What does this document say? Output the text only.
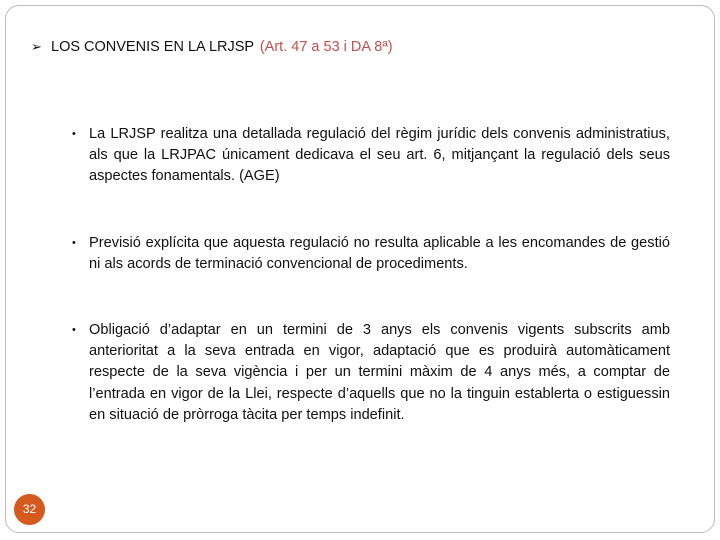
➢ LOS CONVENIS EN LA LRJSP (Art. 47 a 53 i DA 8ª)
• La LRJSP realitza una detallada regulació del règim jurídic dels convenis administratius, als que la LRJPAC únicament dedicava el seu art. 6, mitjançant la regulació dels seus aspectes fonamentals. (AGE)
• Previsió explícita que aquesta regulació no resulta aplicable a les encomandes de gestió ni als acords de terminació convencional de procediments.
• Obligació d’adaptar en un termini de 3 anys els convenis vigents subscrits amb anterioritat a la seva entrada en vigor, adaptació que es produirà automàticament respecte de la seva vigència i per un termini màxim de 4 anys més, a comptar de l’entrada en vigor de la Llei, respecte d’aquells que no la tinguin establerta o estiguessin en situació de pròrroga tàcita per temps indefinit.
32
